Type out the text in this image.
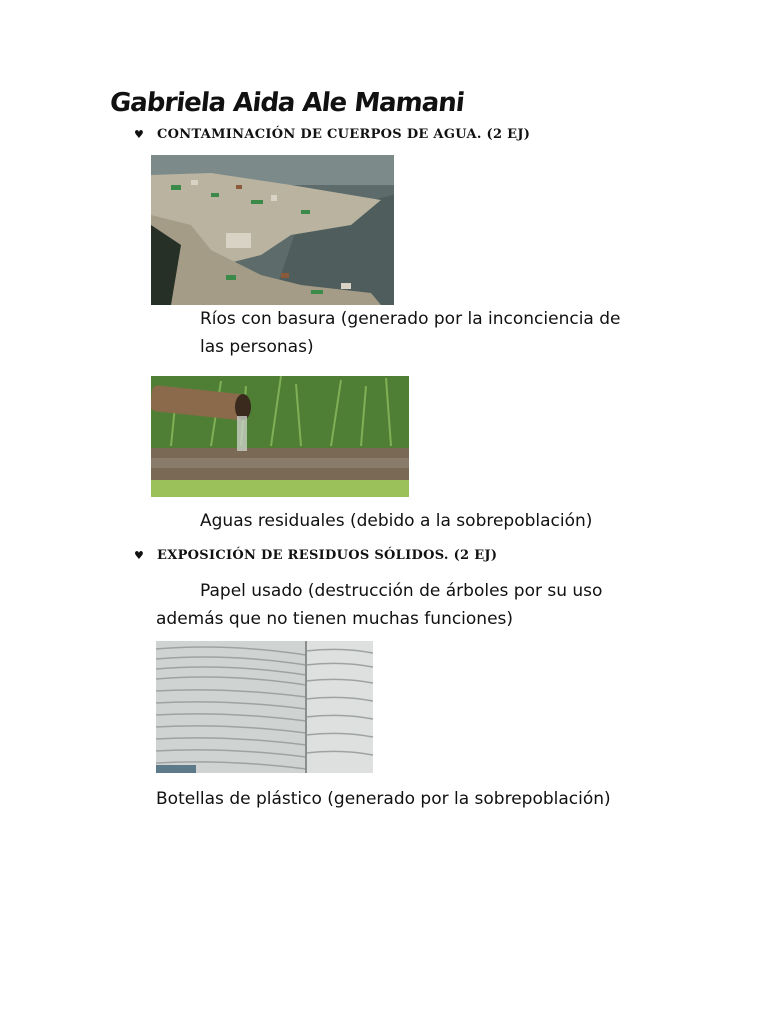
Gabriela Aida Ale Mamani
♥ CONTAMINACIÓN DE CUERPOS DE AGUA. (2 EJ)
Ríos con basura (generado por la inconciencia de las personas)
Aguas residuales (debido a la sobrepoblación)
♥ EXPOSICIÓN DE RESIDUOS SÓLIDOS. (2 EJ)
Papel usado (destrucción de árboles por su uso además que no tienen muchas funciones)
Botellas de plástico (generado por la sobrepoblación)
